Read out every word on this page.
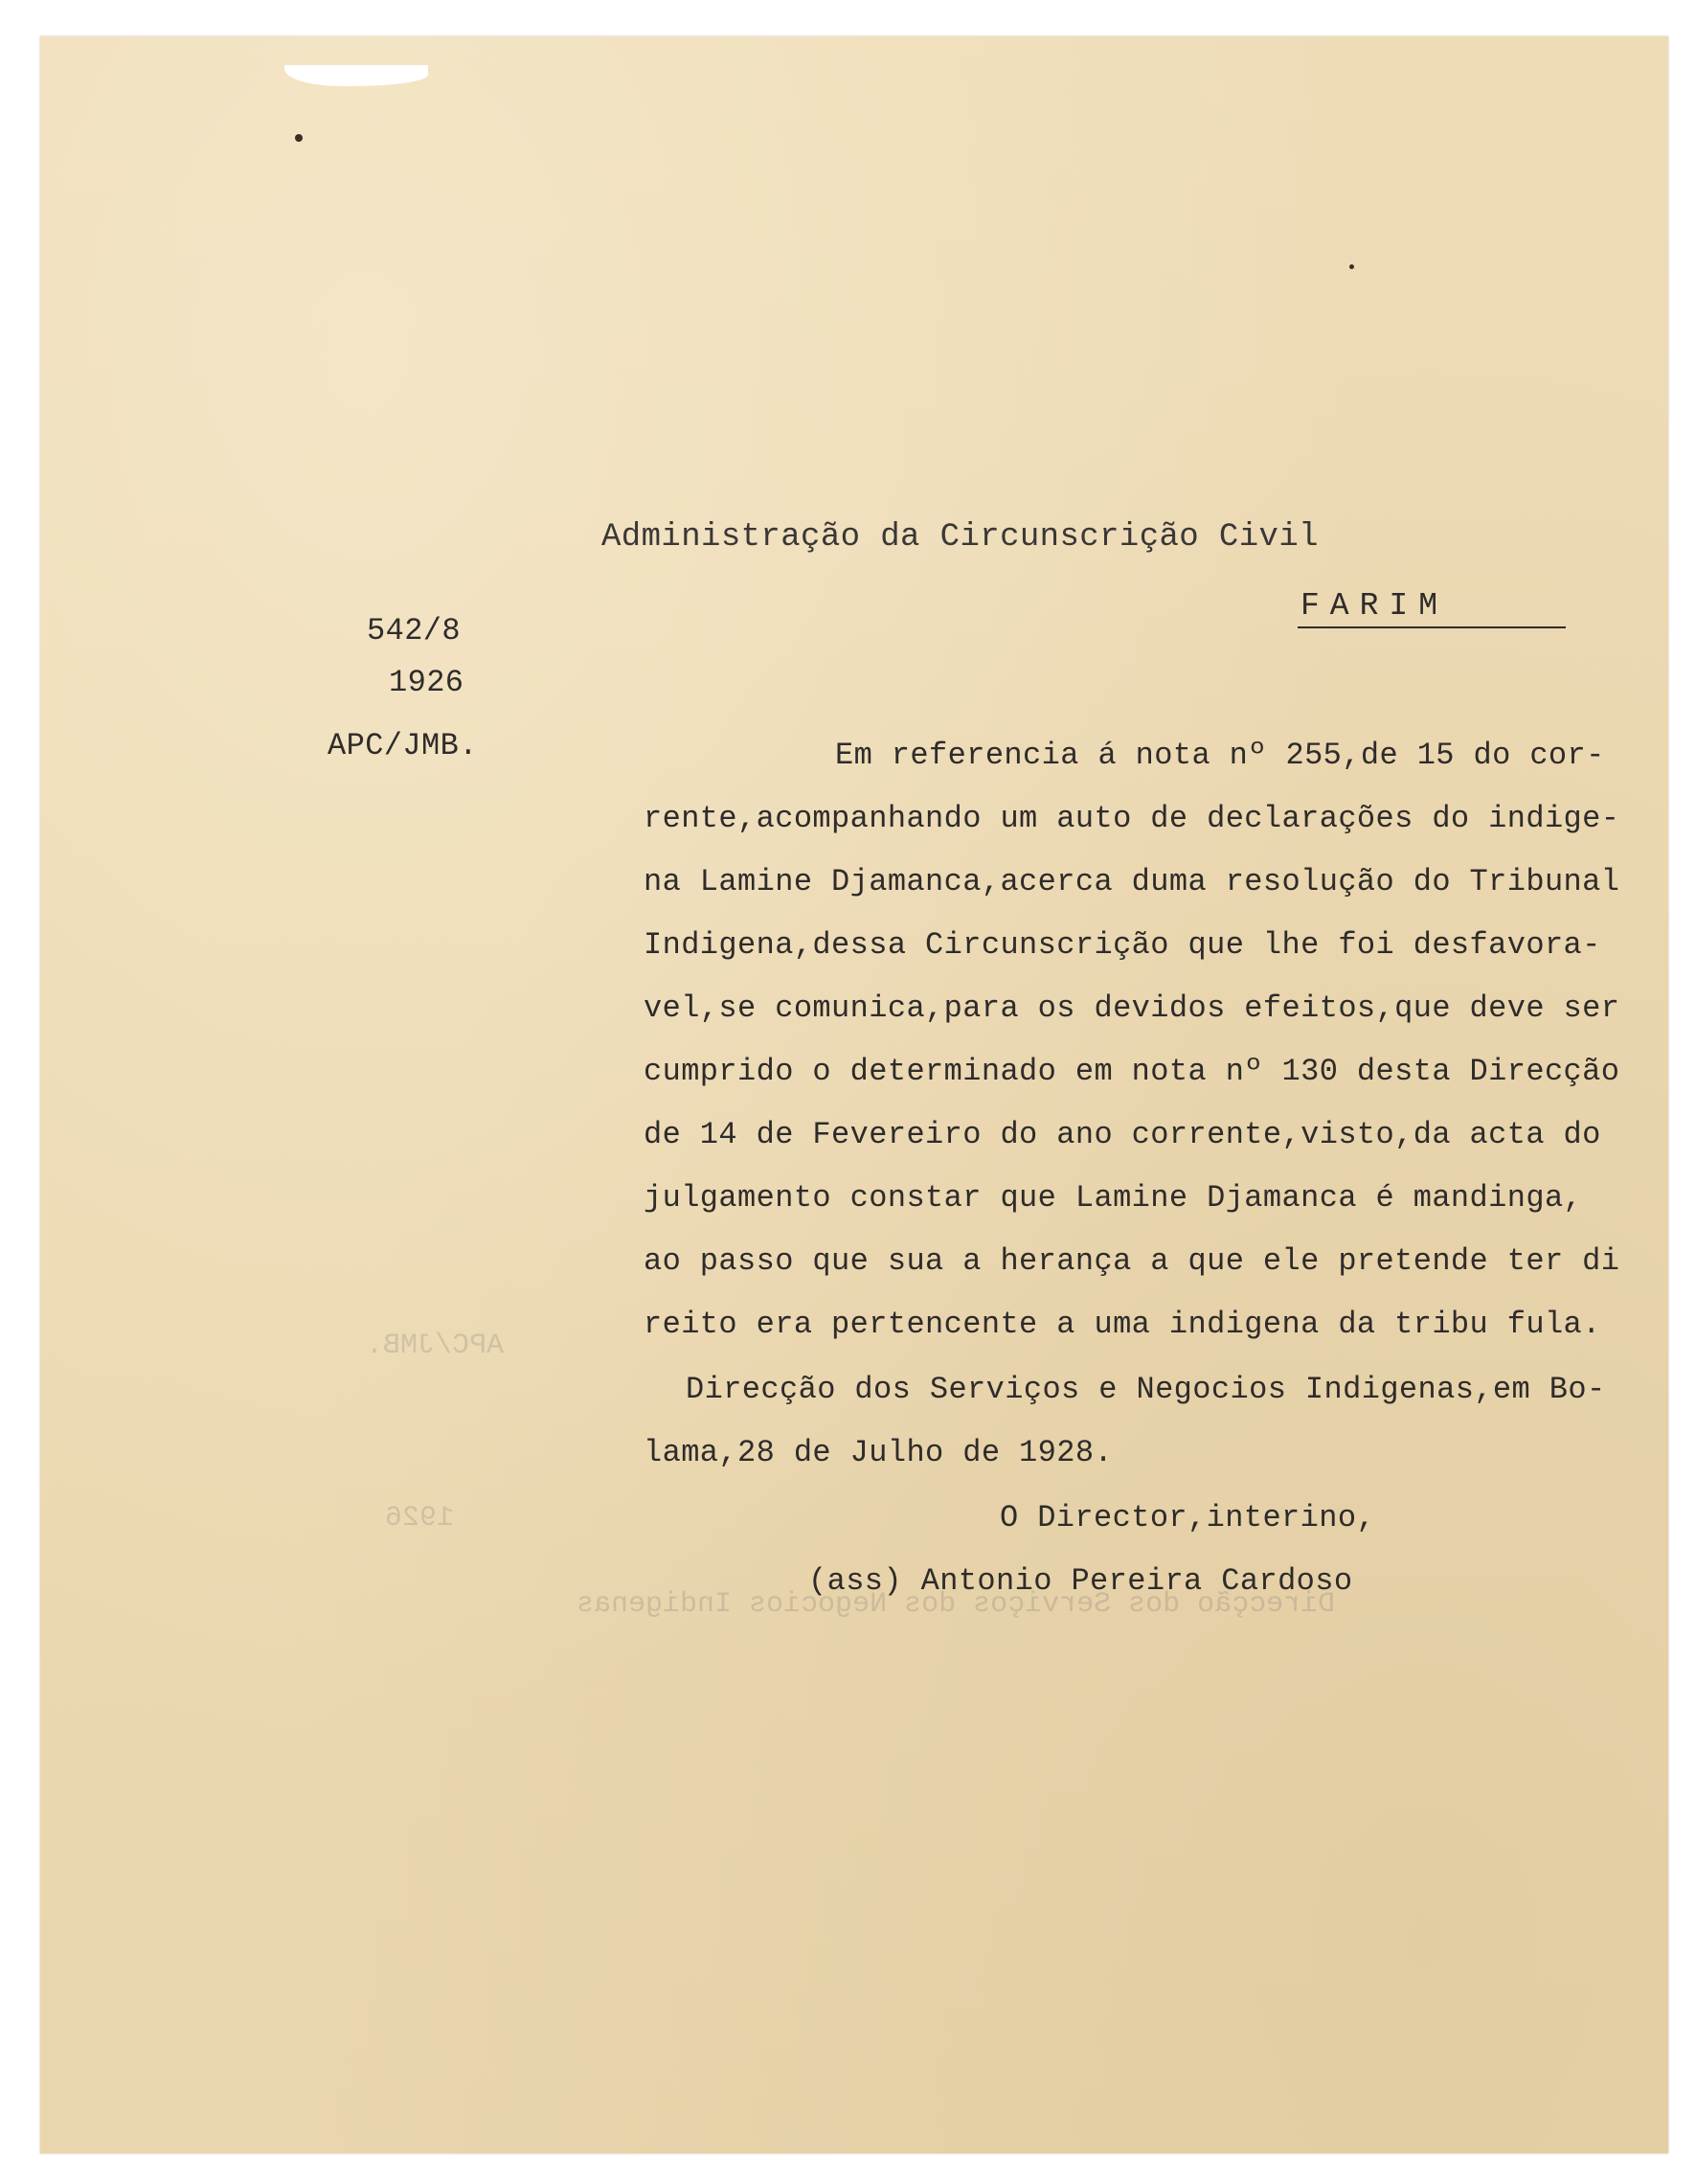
Direcção dos Serviços dos Negocios Indigenas
APC/JMB.
1926
Administração da Circunscrição Civil
FARIM
542/8
1926
APC/JMB.	Em referencia á nota nº 255,de 15 do cor-
rente,acompanhando um auto de declarações do indige-
na Lamine Djamanca,acerca duma resolução do Tribunal
Indigena,dessa Circunscrição que lhe foi desfavora-
vel,se comunica,para os devidos efeitos,que deve ser
cumprido o determinado em nota nº 130 desta Direcção
de 14 de Fevereiro do ano corrente,visto,da acta do
julgamento constar que Lamine Djamanca é mandinga,
ao passo que sua a herança a que ele pretende ter di
reito era pertencente a uma indigena da tribu fula.
Direcção dos Serviços e Negocios Indigenas,em Bo-
lama,28 de Julho de 1928.
O Director,interino,
(ass) Antonio Pereira Cardoso
